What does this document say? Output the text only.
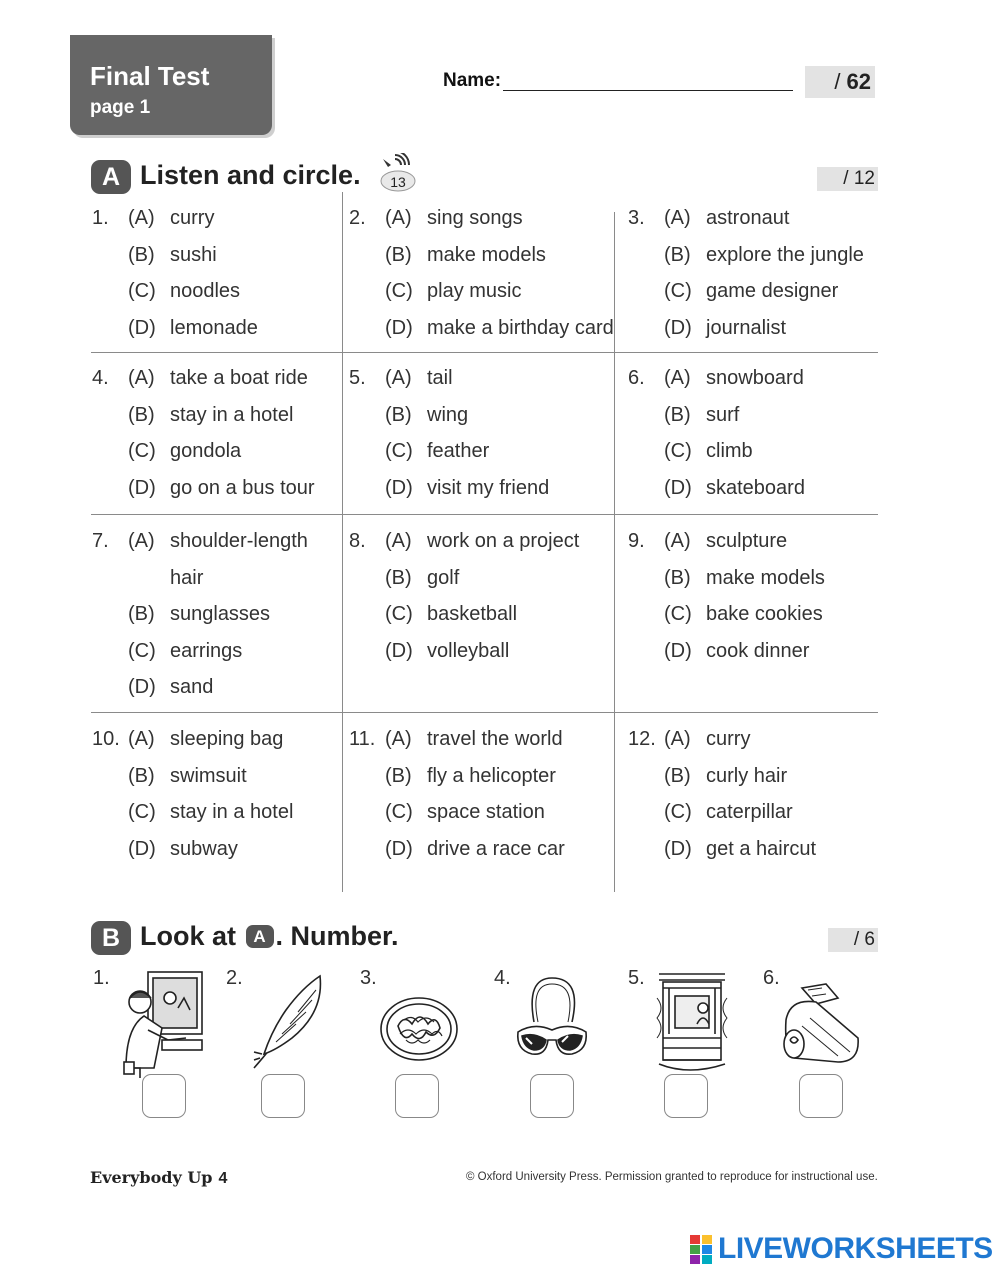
Final Test
page 1
Name:	/ 62
A Listen and circle. 13	/ 12
1. (A) curry
(B) sushi
(C) noodles
(D) lemonade
2. (A) sing songs
(B) make models
(C) play music
(D) make a birthday card
3. (A) astronaut
(B) explore the jungle
(C) game designer
(D) journalist
4. (A) take a boat ride
(B) stay in a hotel
(C) gondola
(D) go on a bus tour
5. (A) tail
(B) wing
(C) feather
(D) visit my friend
6. (A) snowboard
(B) surf
(C) climb
(D) skateboard
7. (A) shoulder-length
hair
(B) sunglasses
(C) earrings
(D) sand
8. (A) work on a project
(B) golf
(C) basketball
(D) volleyball
9. (A) sculpture
(B) make models
(C) bake cookies
(D) cook dinner
10. (A) sleeping bag
(B) swimsuit
(C) stay in a hotel
(D) subway
11. (A) travel the world
(B) fly a helicopter
(C) space station
(D) drive a race car
12. (A) curry
(B) curly hair
(C) caterpillar
(D) get a haircut
B Look at A . Number.	/ 6
1.	2.	3.	4.	5.	6.
Everybody Up 4	© Oxford University Press. Permission granted to reproduce for instructional use.
LIVEWORKSHEETS
